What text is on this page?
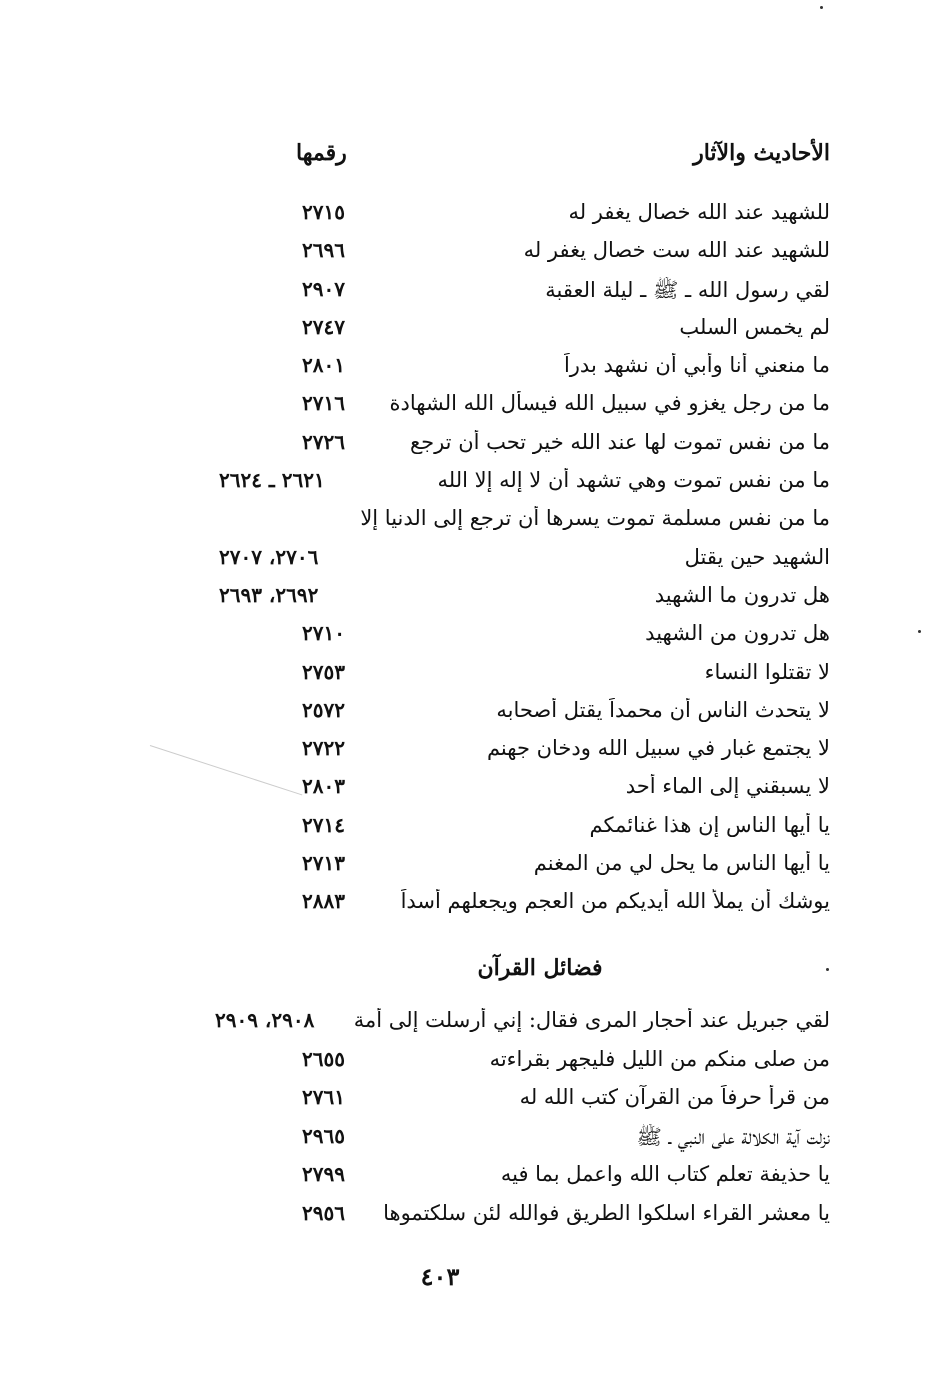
الأحاديث والآثار
رقمها
للشهيد عند الله خصال يغفر له
٢٧١٥
للشهيد عند الله ست خصال يغفر له
٢٦٩٦
لقي رسول الله ـ ﷺ ـ ليلة العقبة
٢٩٠٧
لم يخمس السلب
٢٧٤٧
ما منعني أنا وأبي أن نشهد بدراً
٢٨٠١
ما من رجل يغزو في سبيل الله فيسأل الله الشهادة
٢٧١٦
ما من نفس تموت لها عند الله خير تحب أن ترجع
٢٧٢٦
ما من نفس تموت وهي تشهد أن لا إله إلا الله
٢٦٢١ ـ ٢٦٢٤
ما من نفس مسلمة تموت يسرها أن ترجع إلى الدنيا إلا
الشهيد حين يقتل
٢٧٠٦، ٢٧٠٧
هل تدرون ما الشهيد
٢٦٩٢، ٢٦٩٣
هل تدرون من الشهيد
٢٧١٠
لا تقتلوا النساء
٢٧٥٣
لا يتحدث الناس أن محمداً يقتل أصحابه
٢٥٧٢
لا يجتمع غبار في سبيل الله ودخان جهنم
٢٧٢٢
لا يسبقني إلى الماء أحد
٢٨٠٣
يا أيها الناس إن هذا غنائمكم
٢٧١٤
يا أيها الناس ما يحل لي من المغنم
٢٧١٣
يوشك أن يملأ الله أيديكم من العجم ويجعلهم أسداً
٢٨٨٣
فضائل القرآن
لقي جبريل عند أحجار المرى فقال: إني أرسلت إلى أمة
٢٩٠٨، ٢٩٠٩
من صلى منكم من الليل فليجهر بقراءته
٢٦٥٥
من قرأ حرفاً من القرآن كتب الله له
٢٧٦١
نزلت آية الكلالة على النبي ـ ﷺ
٢٩٦٥
يا حذيفة تعلم كتاب الله واعمل بما فيه
٢٧٩٩
يا معشر القراء اسلكوا الطريق فوالله لئن سلكتموها
٢٩٥٦
٤٠٣
